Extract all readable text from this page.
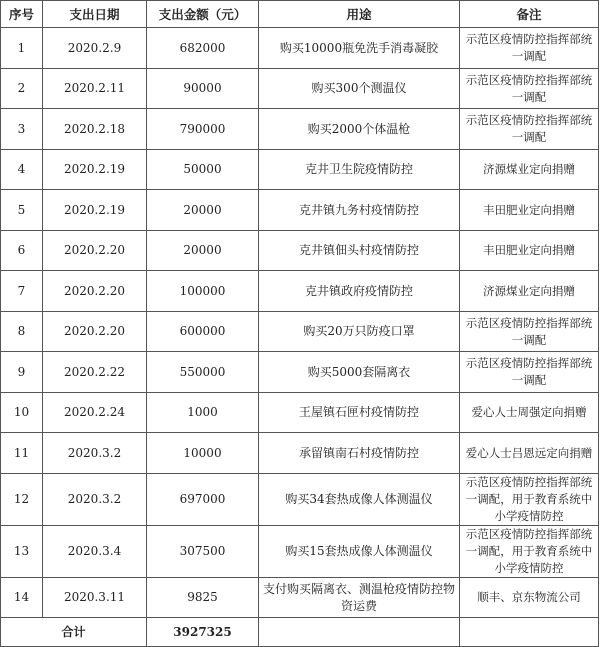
序号	支出日期	支出金额（元）	用途	备注

1	2020.2.9	682000	购买10000瓶免洗手消毒凝胶	示范区疫情防控指挥部统一调配

2	2020.2.11	90000	购买300个测温仪	示范区疫情防控指挥部统一调配

3	2020.2.18	790000	购买2000个体温枪	示范区疫情防控指挥部统一调配

4	2020.2.19	50000	克井卫生院疫情防控	济源煤业定向捐赠

5	2020.2.19	20000	克井镇九务村疫情防控	丰田肥业定向捐赠

6	2020.2.20	20000	克井镇佃头村疫情防控	丰田肥业定向捐赠

7	2020.2.20	100000	克井镇政府疫情防控	济源煤业定向捐赠

8	2020.2.20	600000	购买20万只防疫口罩	示范区疫情防控指挥部统一调配

9	2020.2.22	550000	购买5000套隔离衣	示范区疫情防控指挥部统一调配

10	2020.2.24	1000	王屋镇石匣村疫情防控	爱心人士周强定向捐赠

11	2020.3.2	10000	承留镇南石村疫情防控	爱心人士吕恩远定向捐赠

12	2020.3.2	697000	购买34套热成像人体测温仪	示范区疫情防控指挥部统一调配，用于教育系统中小学疫情防控

13	2020.3.4	307500	购买15套热成像人体测温仪	示范区疫情防控指挥部统一调配，用于教育系统中小学疫情防控

14	2020.3.11	9825	支付购买隔离衣、测温枪疫情防控物资运费	顺丰、京东物流公司

合计		3927325		
